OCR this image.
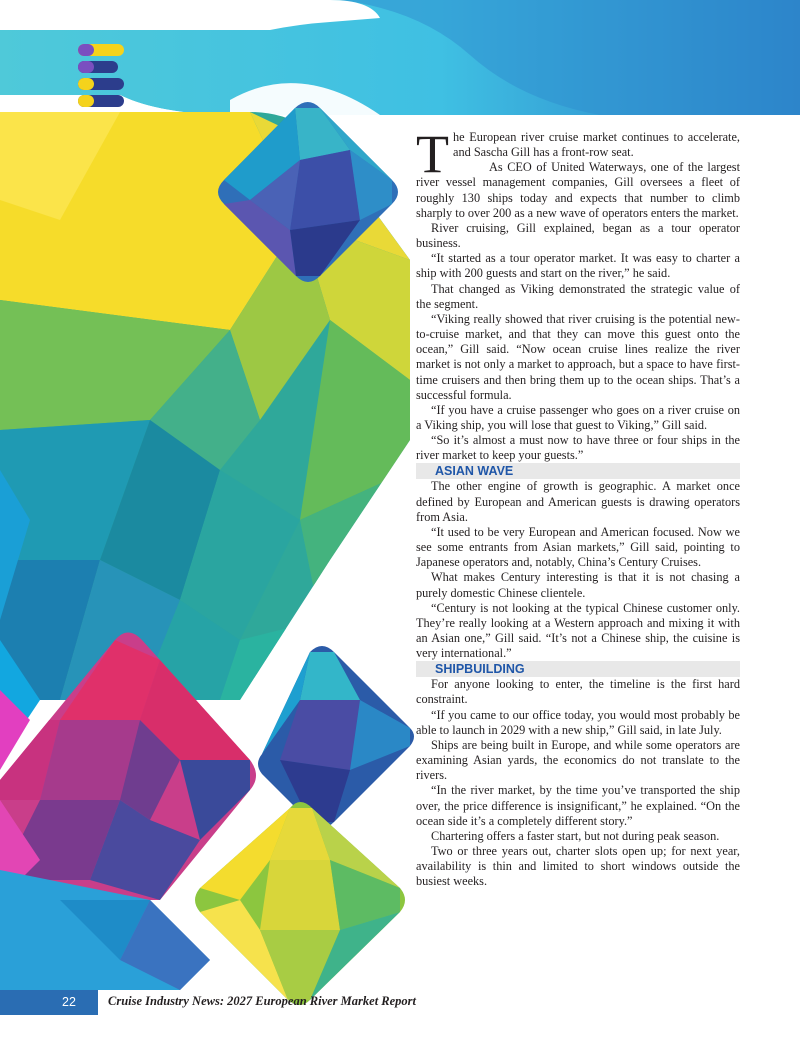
The European river cruise market continues to accelerate, and Sascha Gill has a front-row seat.

As CEO of United Waterways, one of the largest river vessel management companies, Gill oversees a fleet of roughly 130 ships today and expects that number to climb sharply to over 200 as a new wave of operators enters the market.

River cruising, Gill explained, began as a tour operator business.

“It started as a tour operator market. It was easy to charter a ship with 200 guests and start on the river,” he said.

That changed as Viking demonstrated the strategic value of the segment.

“Viking really showed that river cruising is the potential new-to-cruise market, and that they can move this guest onto the ocean,” Gill said. “Now ocean cruise lines realize the river market is not only a market to approach, but a space to have first-time cruisers and then bring them up to the ocean ships. That’s a successful formula.

“If you have a cruise passenger who goes on a river cruise on a Viking ship, you will lose that guest to Viking,” Gill said.

“So it’s almost a must now to have three or four ships in the river market to keep your guests.”

ASIAN WAVE

The other engine of growth is geographic. A market once defined by European and American guests is drawing operators from Asia.

“It used to be very European and American focused. Now we see some entrants from Asian markets,” Gill said, pointing to Japanese operators and, notably, China’s Century Cruises.

What makes Century interesting is that it is not chasing a purely domestic Chinese clientele.

“Century is not looking at the typical Chinese customer only. They’re really looking at a Western approach and mixing it with an Asian one,” Gill said. “It’s not a Chinese ship, the cuisine is very international.”

SHIPBUILDING

For anyone looking to enter, the timeline is the first hard constraint.

“If you came to our office today, you would most probably be able to launch in 2029 with a new ship,” Gill said, in late July.

Ships are being built in Europe, and while some operators are examining Asian yards, the economics do not translate to the rivers.

“In the river market, by the time you’ve transported the ship over, the price difference is insignificant,” he explained. “On the ocean side it’s a completely different story.”

Chartering offers a faster start, but not during peak season.

Two or three years out, charter slots open up; for next year, availability is thin and limited to short windows outside the busiest weeks.

22	Cruise Industry News: 2027 European River Market Report
